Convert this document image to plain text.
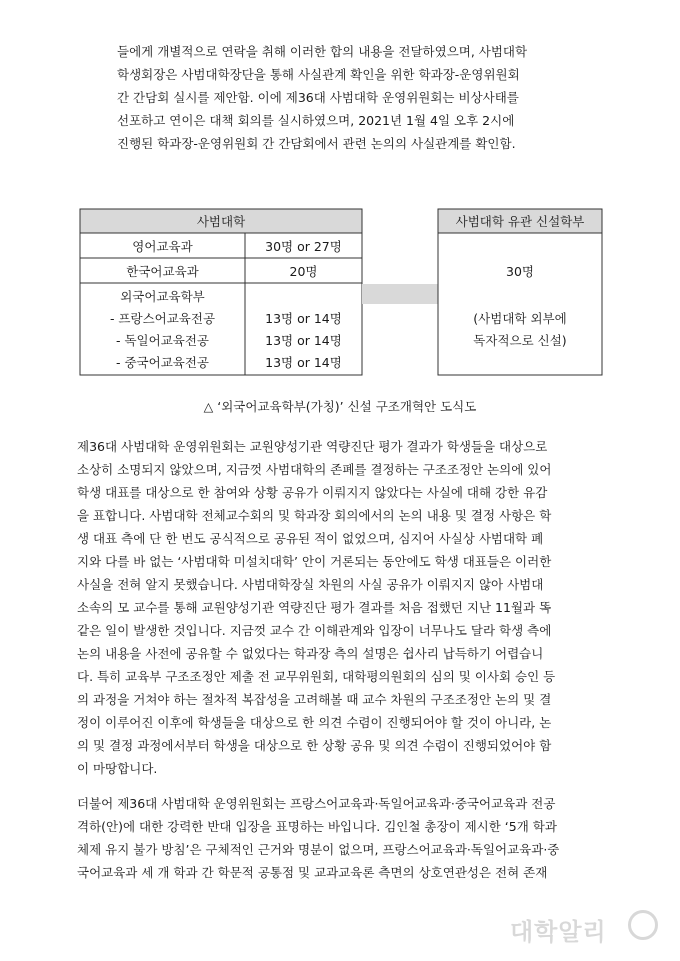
들에게 개별적으로 연락을 취해 이러한 합의 내용을 전달하였으며, 사범대학
학생회장은 사범대학장단을 통해 사실관계 확인을 위한 학과장-운영위원회
간 간담회 실시를 제안함. 이에 제36대 사범대학 운영위원회는 비상사태를
선포하고 연이은 대책 회의를 실시하였으며, 2021년 1월 4일 오후 2시에
진행된 학과장-운영위원회 간 간담회에서 관련 논의의 사실관계를 확인함.
사범대학
영어교육과	30명 or 27명
한국어교육과	20명
외국어교육학부
- 프랑스어교육전공
- 독일어교육전공
- 중국어교육전공
13명 or 14명
13명 or 14명
13명 or 14명
사범대학 유관 신설학부
30명
(사범대학 외부에
독자적으로 신설)
△ ‘외국어교육학부(가칭)’ 신설 구조개혁안 도식도
제36대 사범대학 운영위원회는 교원양성기관 역량진단 평가 결과가 학생들을 대상으로
소상히 소명되지 않았으며, 지금껏 사범대학의 존폐를 결정하는 구조조정안 논의에 있어
학생 대표를 대상으로 한 참여와 상황 공유가 이뤄지지 않았다는 사실에 대해 강한 유감
을 표합니다. 사범대학 전체교수회의 및 학과장 회의에서의 논의 내용 및 결정 사항은 학
생 대표 측에 단 한 번도 공식적으로 공유된 적이 없었으며, 심지어 사실상 사범대학 폐
지와 다를 바 없는 ‘사범대학 미설치대학’ 안이 거론되는 동안에도 학생 대표들은 이러한
사실을 전혀 알지 못했습니다. 사범대학장실 차원의 사실 공유가 이뤄지지 않아 사범대
소속의 모 교수를 통해 교원양성기관 역량진단 평가 결과를 처음 접했던 지난 11월과 똑
같은 일이 발생한 것입니다. 지금껏 교수 간 이해관계와 입장이 너무나도 달라 학생 측에
논의 내용을 사전에 공유할 수 없었다는 학과장 측의 설명은 쉽사리 납득하기 어렵습니
다. 특히 교육부 구조조정안 제출 전 교무위원회, 대학평의원회의 심의 및 이사회 승인 등
의 과정을 거쳐야 하는 절차적 복잡성을 고려해볼 때 교수 차원의 구조조정안 논의 및 결
정이 이루어진 이후에 학생들을 대상으로 한 의견 수렴이 진행되어야 할 것이 아니라, 논
의 및 결정 과정에서부터 학생을 대상으로 한 상황 공유 및 의견 수렴이 진행되었어야 함
이 마땅합니다.
더불어 제36대 사범대학 운영위원회는 프랑스어교육과·독일어교육과·중국어교육과 전공
격하(안)에 대한 강력한 반대 입장을 표명하는 바입니다. 김인철 총장이 제시한 ‘5개 학과
체제 유지 불가 방침’은 구체적인 근거와 명분이 없으며, 프랑스어교육과·독일어교육과·중
국어교육과 세 개 학과 간 학문적 공통점 및 교과교육론 측면의 상호연관성은 전혀 존재
대학알리
